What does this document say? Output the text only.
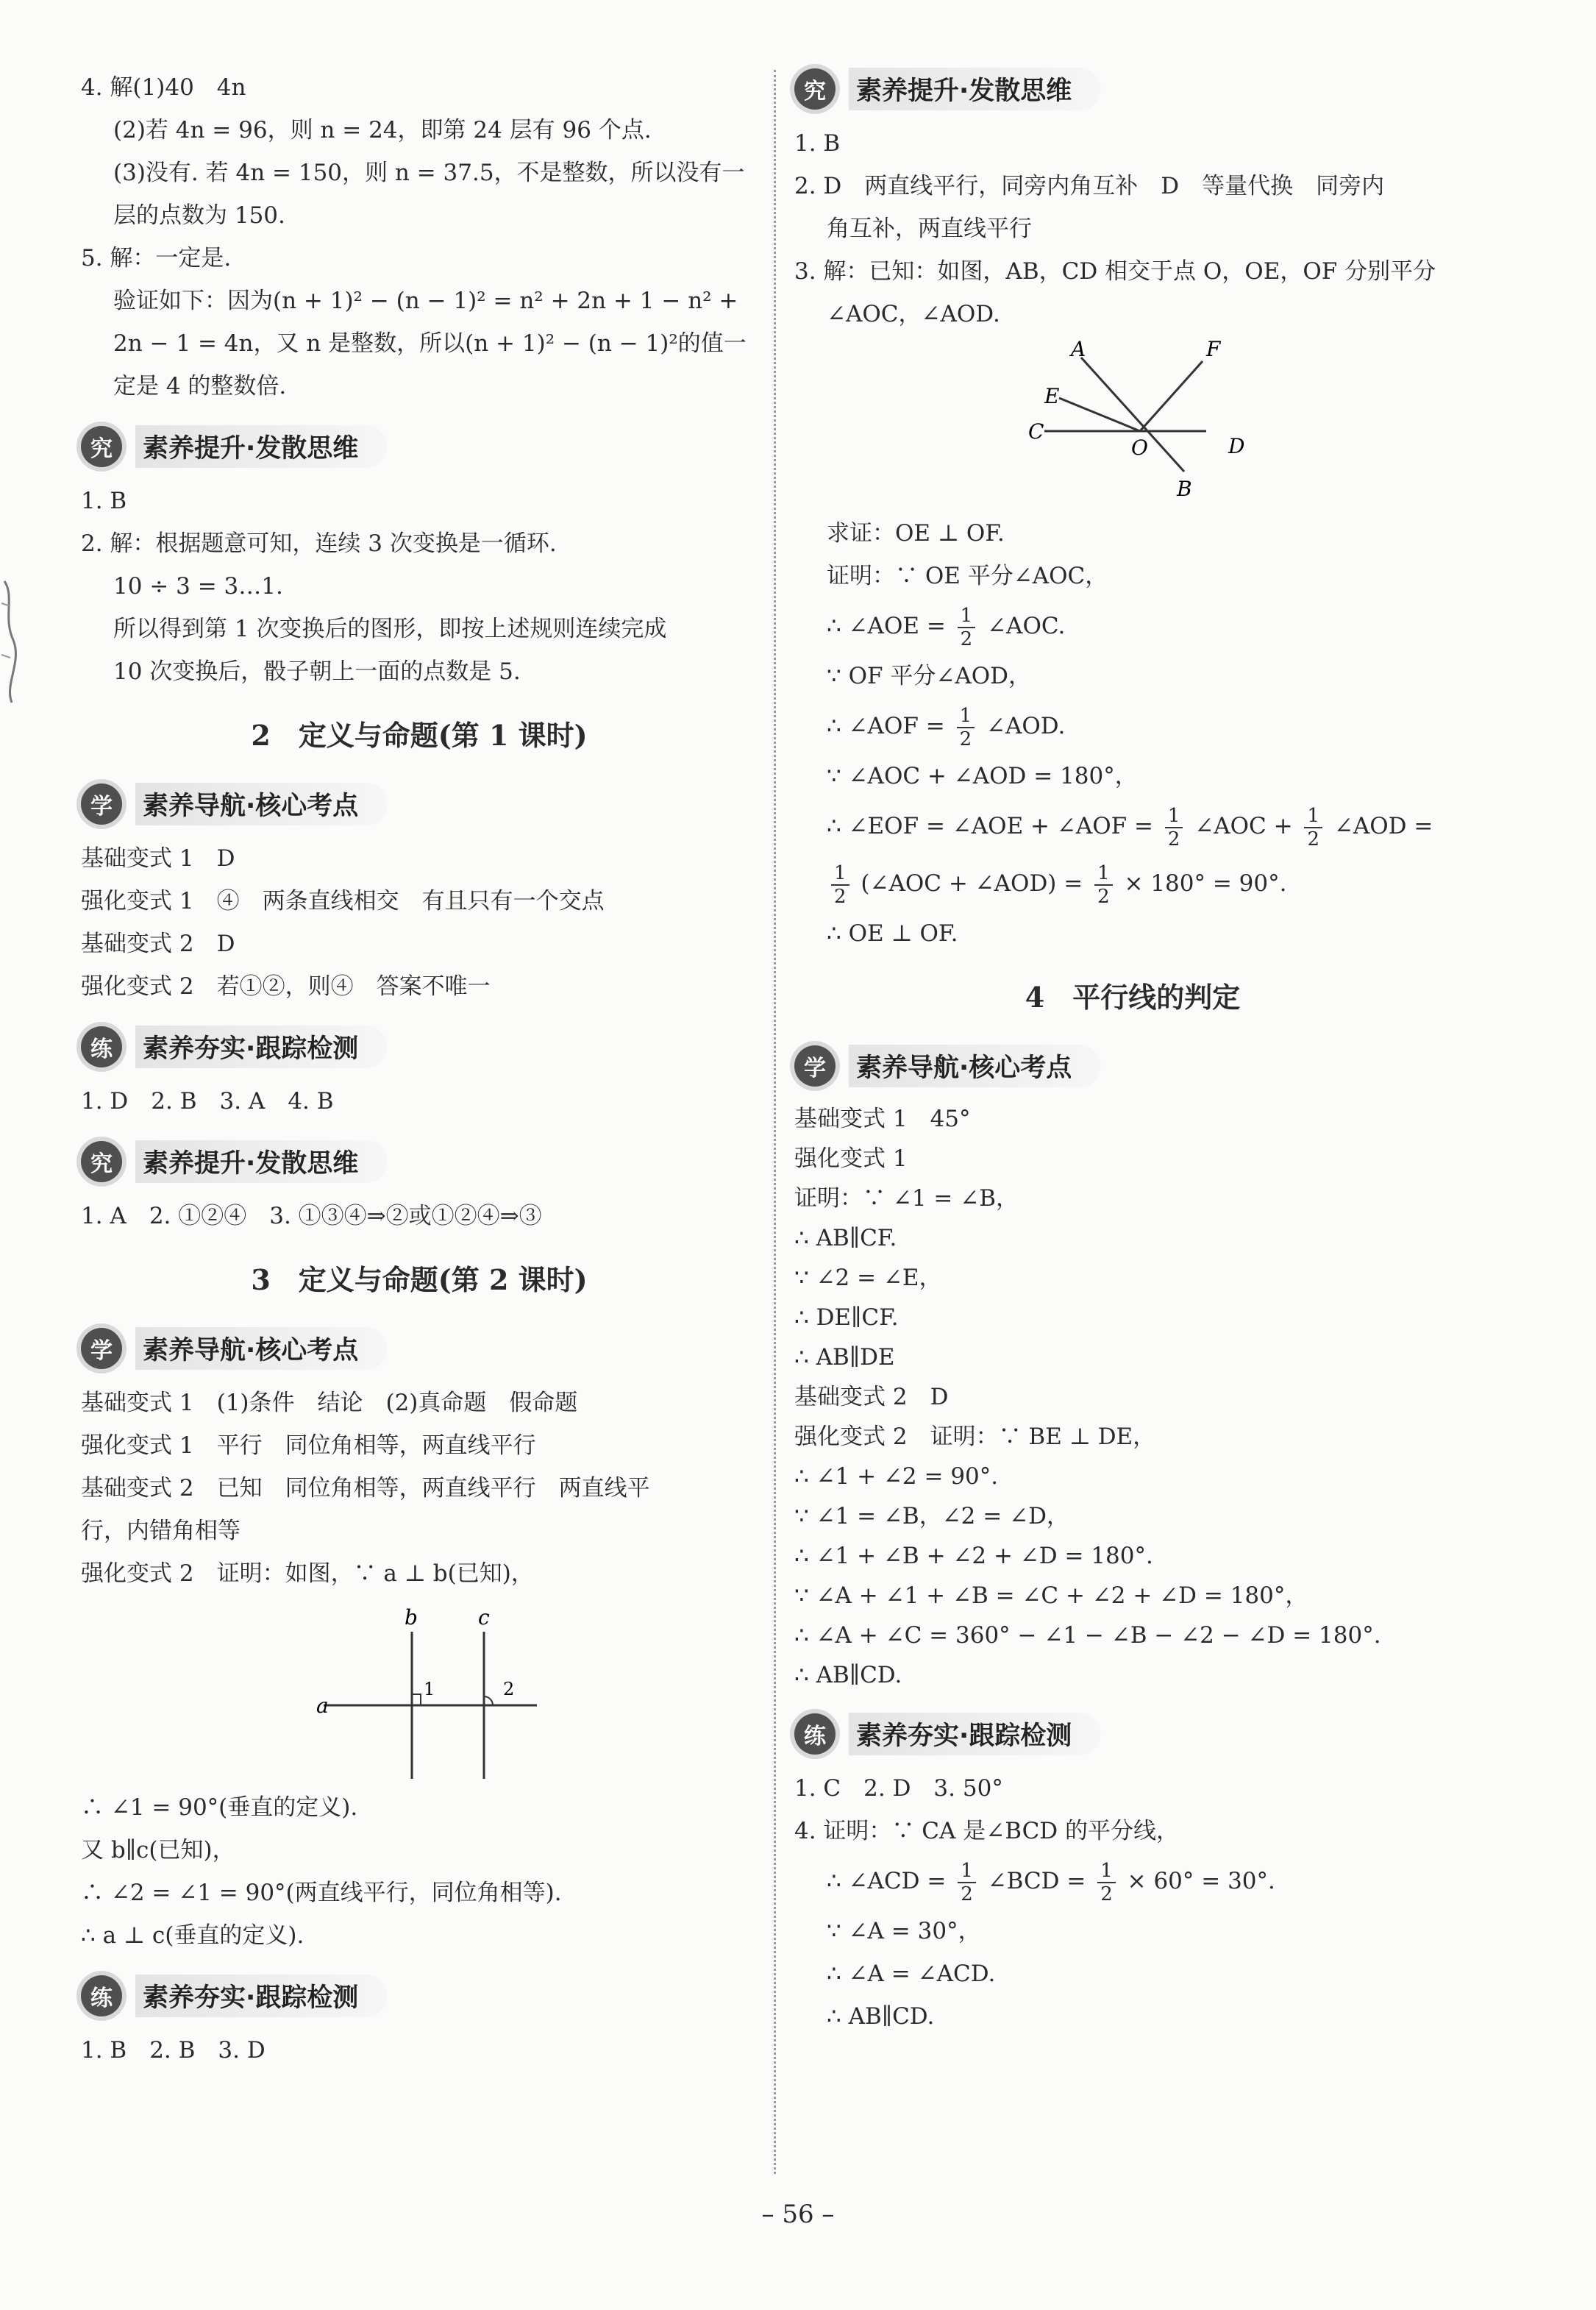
4. 解(1)40　4n
(2)若 4n = 96，则 n = 24，即第 24 层有 96 个点.
(3)没有. 若 4n = 150，则 n = 37.5，不是整数，所以没有一
层的点数为 150.
5. 解：一定是.
验证如下：因为(n + 1)² − (n − 1)² = n² + 2n + 1 − n² +
2n − 1 = 4n，又 n 是整数，所以(n + 1)² − (n − 1)²的值一
定是 4 的整数倍.
究	素养提升·发散思维
1. B
2. 解：根据题意可知，连续 3 次变换是一循环.
10 ÷ 3 = 3…1.
所以得到第 1 次变换后的图形，即按上述规则连续完成
10 次变换后，骰子朝上一面的点数是 5.
2　定义与命题(第 1 课时)
学	素养导航·核心考点
基础变式 1　D
强化变式 1　④　两条直线相交　有且只有一个交点
基础变式 2　D
强化变式 2　若①②，则④　答案不唯一
练	素养夯实·跟踪检测
1. D　2. B　3. A　4. B
究	素养提升·发散思维
1. A　2. ①②④　3. ①③④⇒②或①②④⇒③
3　定义与命题(第 2 课时)
学	素养导航·核心考点
基础变式 1　(1)条件　结论　(2)真命题　假命题
强化变式 1　平行　同位角相等，两直线平行
基础变式 2　已知　同位角相等，两直线平行　两直线平
行，内错角相等
强化变式 2　证明：如图，∵ a ⊥ b(已知)，
a
b	c
1	2
∴ ∠1 = 90°(垂直的定义).
又 b∥c(已知)，
∴ ∠2 = ∠1 = 90°(两直线平行，同位角相等).
∴ a ⊥ c(垂直的定义).
练	素养夯实·跟踪检测
1. B　2. B　3. D
究	素养提升·发散思维
1. B
2. D　两直线平行，同旁内角互补　D　等量代换　同旁内
角互补，两直线平行
3. 解：已知：如图，AB，CD 相交于点 O，OE，OF 分别平分
∠AOC，∠AOD.
A	F
E
C
O	D
B
求证：OE ⊥ OF.
证明：∵ OE 平分∠AOC，
∴ ∠AOE = $\frac{1}{2}$ ∠AOC.
∵ OF 平分∠AOD，
∴ ∠AOF = $\frac{1}{2}$ ∠AOD.
∵ ∠AOC + ∠AOD = 180°，
∴ ∠EOF = ∠AOE + ∠AOF = $\frac{1}{2}$ ∠AOC + $\frac{1}{2}$ ∠AOD =
$\frac{1}{2}$ (∠AOC + ∠AOD) = $\frac{1}{2} \times 180^\circ = 90^\circ$.
∴ OE ⊥ OF.
4　平行线的判定
学	素养导航·核心考点
基础变式 1　45°
强化变式 1
证明：∵ ∠1 = ∠B，
∴ AB∥CF.
∵ ∠2 = ∠E，
∴ DE∥CF.
∴ AB∥DE
基础变式 2　D
强化变式 2　证明：∵ BE ⊥ DE，
∴ ∠1 + ∠2 = 90°.
∵ ∠1 = ∠B，∠2 = ∠D，
∴ ∠1 + ∠B + ∠2 + ∠D = 180°.
∵ ∠A + ∠1 + ∠B = ∠C + ∠2 + ∠D = 180°，
∴ ∠A + ∠C = 360° − ∠1 − ∠B − ∠2 − ∠D = 180°.
∴ AB∥CD.
练	素养夯实·跟踪检测
1. C　2. D　3. 50°
4. 证明：∵ CA 是∠BCD 的平分线，
∴ ∠ACD = $\frac{1}{2}$ ∠BCD = $\frac{1}{2} \times 60^\circ = 30^\circ$.
∵ ∠A = 30°，
∴ ∠A = ∠ACD.
∴ AB∥CD.
– 56 –
